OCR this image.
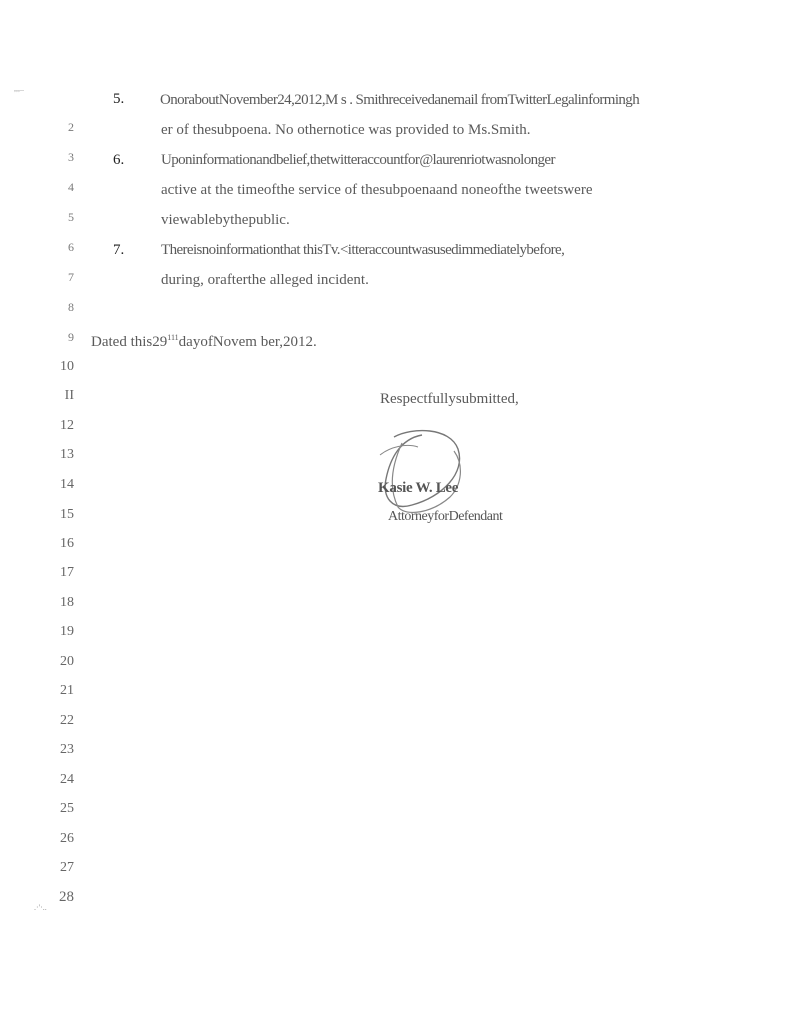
,,,..
.·'·..
2
3
4
5
6
7
8
9
10
II
12
13
14
15
16
17
18
19
20
21
22
23
24
25
26
27
28
5. OnoraboutNovember24,2012,M s . Smithreceivedanemail fromTwitterLegalinformingh
er of thesubpoena. No othernotice was provided to Ms.Smith.
6. Uponinformationandbelief,thetwitteraccountfor@laurenriotwasnolonger
active at the timeofthe service of thesubpoenaand noneofthe tweetswere
viewablebythepublic.
7. Thereisnoinformationthat thisTv.<itteraccountwasusedimmediatelybefore,
during, orafterthe alleged incident.
Dated $this29^{111}dayofNovem$ ber,2012.
Respectfullysubmitted,
Kasie W. Lee
AttorneyforDefendant
